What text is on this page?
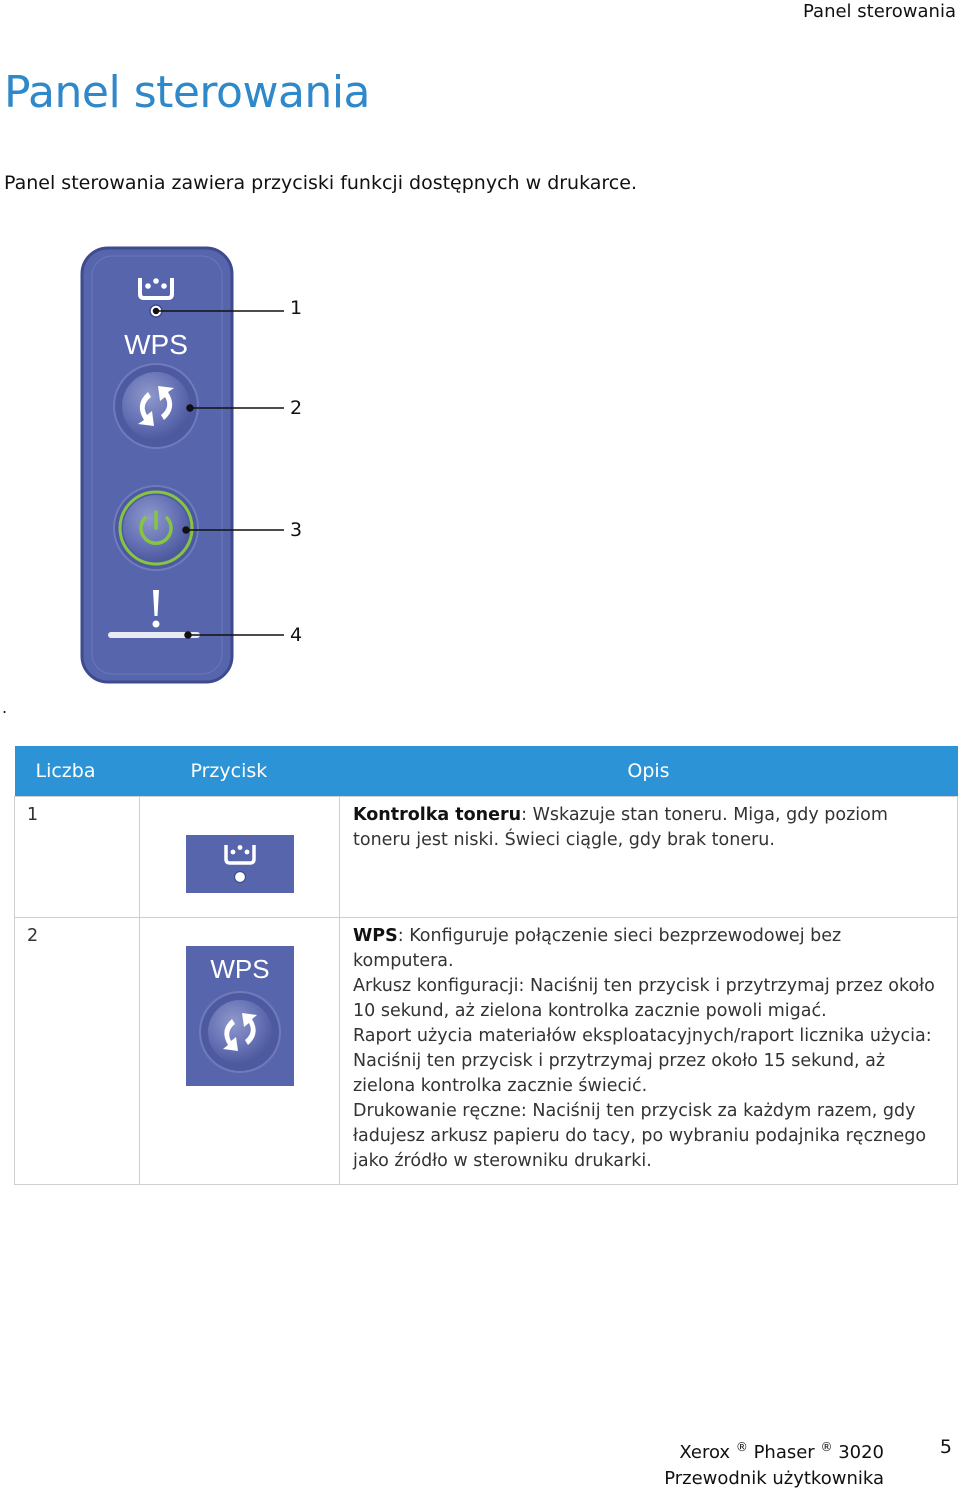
Panel sterowania
Panel sterowania

Panel sterowania zawiera przyciski funkcji dostępnych w drukarce.

WPS
1
2
3
4
.
Liczba	Przycisk	Opis
1		Kontrolka toneru: Wskazuje stan toneru. Miga, gdy poziom toneru jest niski. Świeci ciągle, gdy brak toneru.

2	WPS	WPS: Konfiguruje połączenie sieci bezprzewodowej bez komputera.
Arkusz konfiguracji: Naciśnij ten przycisk i przytrzymaj przez około 10 sekund, aż zielona kontrolka zacznie powoli migać.
Raport użycia materiałów eksploatacyjnych/raport licznika użycia: Naciśnij ten przycisk i przytrzymaj przez około 15 sekund, aż zielona kontrolka zacznie świecić.
Drukowanie ręczne: Naciśnij ten przycisk za każdym razem, gdy ładujesz arkusz papieru do tacy, po wybraniu podajnika ręcznego jako źródło w sterowniku drukarki.
Xerox ® Phaser ® 3020
Przewodnik użytkownika
5
